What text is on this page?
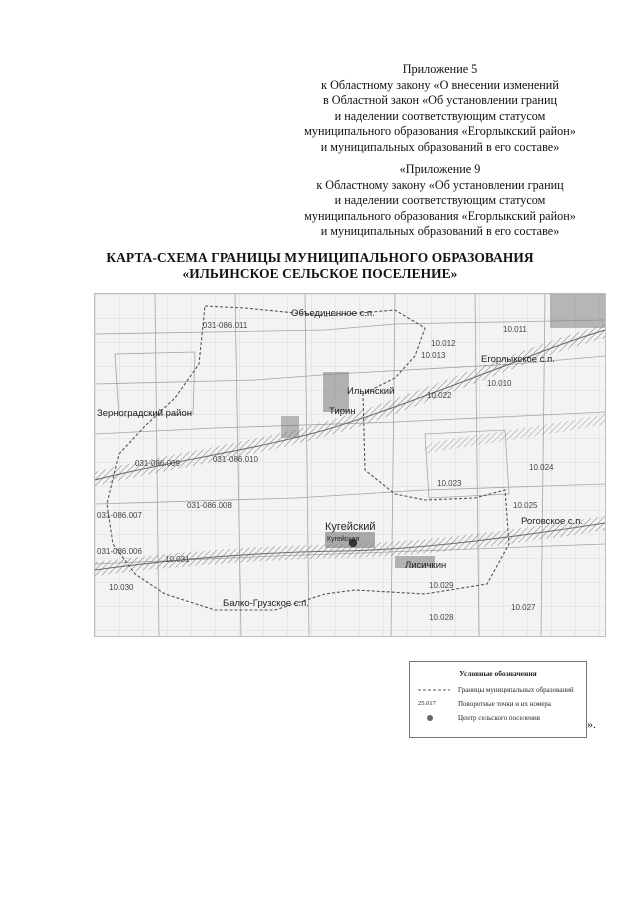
Приложение 5
к Областному закону «О внесении изменений
в Областной закон «Об установлении границ
и наделении соответствующим статусом
муниципального образования «Егорлыкский район»
и муниципальных образований в его составе»
«Приложение 9
к Областному закону «Об установлении границ
и наделении соответствующим статусом
муниципального образования «Егорлыкский район»
и муниципальных образований в его составе»
КАРТА-СХЕМА ГРАНИЦЫ МУНИЦИПАЛЬНОГО ОБРАЗОВАНИЯ
«ИЛЬИНСКОЕ СЕЛЬСКОЕ ПОСЕЛЕНИЕ»
Объединенное с.п.
Егорлыкское с.п.
Ильинский
Тирин
Зерноградский район
Кугейский
Кугейская
Роговское с.п.
Лисичкин
Балко-Грузское с.п.
031-086.011	10.011
10.012
10.013
10.010
10.022
031-086.009	031-086.010
10.024
10.023
031-086.008
031-086.007
10.025
031-086.006
10.031
10.029
10.030
10.027
10.028
Условные обозначения
Границы муниципальных образований
25.017	Поворотные точки и их номера
Центр сельского поселения	».
